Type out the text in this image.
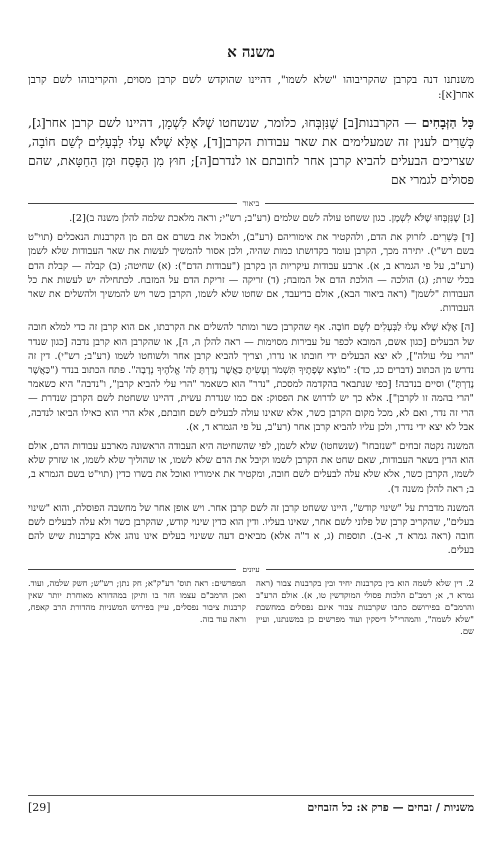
משנה א
משנתנו דנה בקרבן שהקריבוהו "שלא לשמו", דהיינו שהוקדש לשם קרבן מסוים, והקריבוהו לשם קרבן אחר[א]:
כָּל הַזְּבָחִים — הקרבנות[ב] שֶׁנִּזְבְּחוּ, כלומר, שנשחטו שֶׁלֹּא לִשְׁמָן, דהיינו לשם קרבן אחר[ג], כְּשֵׁרִים לענין זה שמעלימים את שאר עבודות הקרבן[ד], אֶלָּא שֶׁלֹּא עָלוּ לַבְּעָלִים לְשֵׁם חוֹבָה, שצריכים הבעלים להביא קרבן אחר לחובתם או לנדרם[ה]; חוּץ מִן הַפֶּסַח וּמִן הַחַטָּאת, שהם פסולים לגמרי אם
ביאור

[ג] שֶׁנִּזְבְּחוּ שֶׁלֹּא לִשְׁמָן. כגון ששחט עולה לשם שלמים (רע"ב; רש"י; וראה מלאכת שלמה להלן משנה ב)[2].

[ד] כְּשֵׁרִים. לזרוק את הדם, ולהקטיר את אימוריהם (רע"ב), ולאכול את בשרם אם הם מן הקרבנות הנאכלים (תוי"ט בשם רש"י). יתירה מכך, הקרבן עומד בקדושתו כמות שהיה, ולכן אסור להמשיך לעשות את שאר העבודות שלא לשמן (רע"ב, על פי הגמרא ב, א). ארבע עבודות עיקריות הן בקרבן ("עבודות הדם"): (א) שחיטה; (ב) קבלה — קבלת הדם בכלי שרת; (ג) הולכה — הולכת הדם אל המזבח; (ד) זריקה — זריקת הדם על המזבח. לכתחילה יש לעשות את כל העבודות "לשמן" (ראה ביאור הבא), אולם בדיעבד, אם שחטו שלא לשמו, הקרבן כשר ויש להמשיך ולהשלים את שאר העבודות.

[ה] אֶלָּא שֶׁלֹּא עָלוּ לַבְּעָלִים לְשֵׁם חוֹבָה. אף שהקרבן כשר ומותר להשלים את הקרבתו, אם הוא קרבן זה כדי למלא חובה של הבעלים [כגון אשם, המובא לכפר על עבירות מסוימות — ראה להלן ה, ה], או שהקרבן הוא קרבן נדבה [כגון שנדר "הרי עלי עולה"], לא יצא הבעלים ידי חובתו או נדרו, וצריך להביא קרבן אחר ולשוחטו לשמו (רע"ב; רש"י). דין זה נדרש מן הכתוב (דברים כג, כד): "מוֹצָא שְׂפָתֶיךָ תִּשְׁמֹר וְעָשִׂיתָ כַּאֲשֶׁר נָדַרְתָּ לַה' אֱלֹהֶיךָ נְדָבָה". פתח הכתוב בנדר ("כַּאֲשֶׁר נָדַרְתָּ") וסיים בנדבה! [כפי שנתבאר בהקדמה למסכת, "נדר" הוא כשאמר "הרי עלי להביא קרבן", ו"נדבה" היא כשאמר "הרי בהמה זו לקרבן"]. אלא כך יש לדרוש את הפסוק: אם כמו שנדרת עשית, דהיינו ששחטת לשם הקרבן שנדרת — הרי זה נדר, ואם לא, מכל מקום הקרבן כשר, אלא שאינו עולה לבעלים לשם חובתם, אלא הרי הוא כאילו הביאו לנדבה, אבל לא יצא ידי נדרו, ולכן עליו להביא קרבן אחר (רע"ב, על פי הגמרא ד, א).

המשנה נקטה זבחים "שנזבחו" (שנשחטו) שלא לשמן, לפי שהשחיטה היא העבודה הראשונה מארבע עבודות הדם, אולם הוא הדין בשאר העבודות, שאם שחט את הקרבן לשמו וקיבל את הדם שלא לשמו, או שהוליך שלא לשמו, או שזרק שלא לשמו, הקרבן כשר, אלא שלא עלה לבעלים לשם חובה, ומקטיר את אימוריו ואוכל את בשרו כדין (תוי"ט בשם הגמרא ב, ב; ראה להלן משנה ד).

המשנה מדברת על "שינוי קודש", היינו ששחט קרבן זה לשם קרבן אחר. ויש אופן אחר של מחשבה הפוסלת, והוא "שינוי בעלים", שהקריב קרבן של פלוני לשם אחר, שאינו בעליו. ודין הוא כדין שינוי קודש, שהקרבן כשר ולא עלה לבעלים לשם חובה (ראה גמרא ד, א-ב). תוספות (ג, א ד"ה אלא) מביאים דעה ששינוי בעלים אינו נוהג אלא בקרבנות שיש להם בעלים.

עיונים
2. דין שלא לשמה הוא בין בקרבנות יחיד ובין בקרבנות צבור (ראה גמרא ד, א; רמב"ם הלכות פסולי המוקדשין טו, א). אולם הרע"ב והרמב"ם בפירושם כתבו שקרבנות צבור אינם נפסלים במחשבת "שלא לשמה", והמהרי"ל דיסקין ועוד מפרשים כן במשנתנו, ועיין שם.
המפרשים: ראה תוס' רע"ק"א; חק נתן; רש"ש; חשק שלמה, ועוד. ואכן הרמב"ם עצמו חזר בו ותיקן במהדורא מאוחרת יותר שאין קרבנות ציבור נפסלים, עיין בפירוש המשניות מהדורת הרב קאפח, וראה עוד בזה.
משניות / זבחים — פרק א: כל הזבחים
[29]
